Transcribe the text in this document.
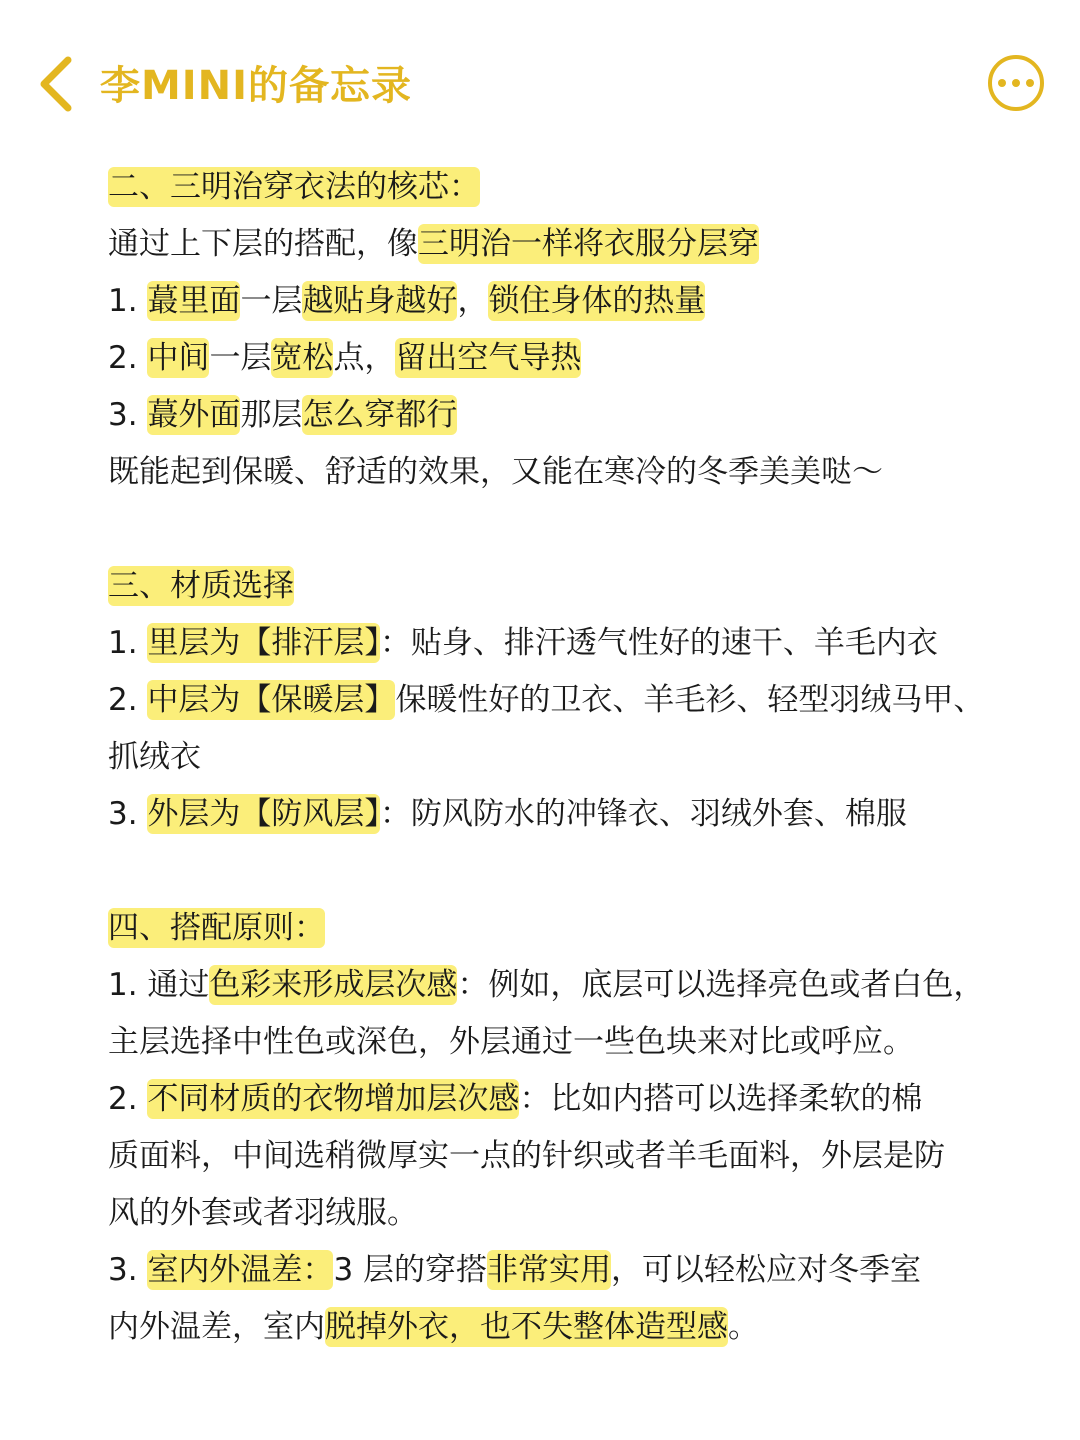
李MINI的备忘录
二、三明治穿衣法的核芯：
通过上下层的搭配，像三明治一样将衣服分层穿
1. 蕞里面一层越贴身越好，锁住身体的热量
2. 中间一层宽松点，留出空气导热
3. 蕞外面那层怎么穿都行
既能起到保暖、舒适的效果，又能在寒冷的冬季美美哒～
三、材质选择
1. 里层为【排汗层】：贴身、排汗透气性好的速干、羊毛内衣
2. 中层为【保暖层】保暖性好的卫衣、羊毛衫、轻型羽绒马甲、
抓绒衣
3. 外层为【防风层】：防风防水的冲锋衣、羽绒外套、棉服
四、搭配原则：
1. 通过色彩来形成层次感：例如，底层可以选择亮色或者白色，
主层选择中性色或深色，外层通过一些色块来对比或呼应。
2. 不同材质的衣物增加层次感：比如内搭可以选择柔软的棉
质面料，中间选稍微厚实一点的针织或者羊毛面料，外层是防
风的外套或者羽绒服。
3. 室内外温差：3 层的穿搭非常实用，可以轻松应对冬季室
内外温差，室内脱掉外衣，也不失整体造型感。
